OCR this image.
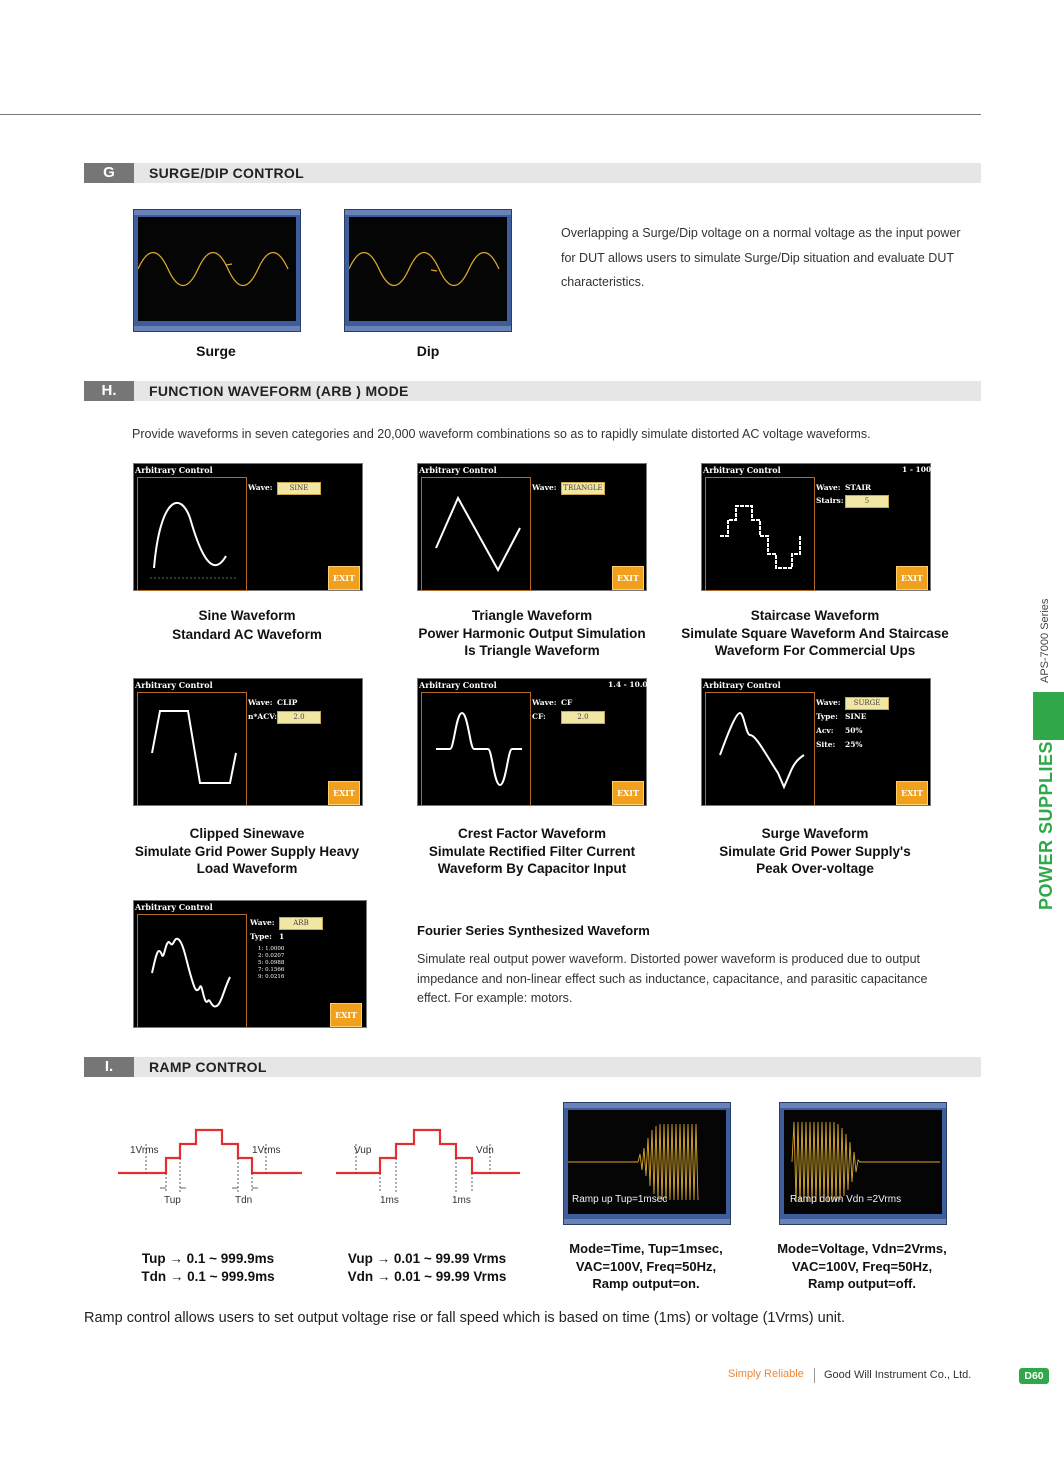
G	SURGE/DIP CONTROL
Overlapping a Surge/Dip voltage on a normal voltage as the input power for DUT allows users to simulate Surge/Dip situation and evaluate DUT characteristics.
Surge	Dip
H.	FUNCTION WAVEFORM (ARB ) MODE
Provide waveforms in seven categories and 20,000 waveform combinations so as to rapidly simulate distorted AC voltage waveforms.
Arbitrary Control
Wave:	SINE
EXIT
Arbitrary Control
Wave: TRIANGLE
EXIT
Arbitrary Control	1 - 100
Wave: STAIR
Stairs:	5
EXIT
Sine Waveform
Standard AC Waveform
Triangle Waveform
Power Harmonic Output Simulation
Is Triangle Waveform
Staircase Waveform
Simulate Square Waveform And Staircase
Waveform For Commercial Ups
Arbitrary Control
Wave: CLIP
n*ACV:	2.0
EXIT
Arbitrary Control	1.4 - 10.0
Wave: CF
CF:	2.0
EXIT
Arbitrary Control
Wave:	SURGE
Type: SINE
Acv: 50%
Site: 25%
EXIT
Clipped Sinewave
Simulate Grid Power Supply Heavy
Load Waveform
Crest Factor Waveform
Simulate Rectified Filter Current
Waveform By Capacitor Input
Surge Waveform
Simulate Grid Power Supply's
Peak Over-voltage
Arbitrary Control
Wave:	ARB
Type: 1
1: 1.0000
2: 0.0207
5: 0.0988
7: 0.1566
9: 0.0216
EXIT
Fourier Series Synthesized Waveform
Simulate real output power waveform. Distorted power waveform is produced due to output impedance and non-linear effect such as inductance, capacitance, and parasitic capacitance effect. For example: motors.
I.	RAMP CONTROL
1Vrms	1Vrms
Tup	Tdn
Vup	Vdn
1ms	1ms	Ramp up Tup=1msec	Ramp down Vdn =2Vrms
Tup → 0.1 ~ 999.9ms
Tdn → 0.1 ~ 999.9ms
Vup → 0.01 ~ 99.99 Vrms
Vdn → 0.01 ~ 99.99 Vrms
Mode=Time, Tup=1msec,
VAC=100V, Freq=50Hz,
Ramp output=on.
Mode=Voltage, Vdn=2Vrms,
VAC=100V, Freq=50Hz,
Ramp output=off.
Ramp control allows users to set output voltage rise or fall speed which is based on time (1ms) or voltage (1Vrms) unit.
APS-7000 Series
POWER SUPPLIES
Simply Reliable Good Will Instrument Co., Ltd.	D60
